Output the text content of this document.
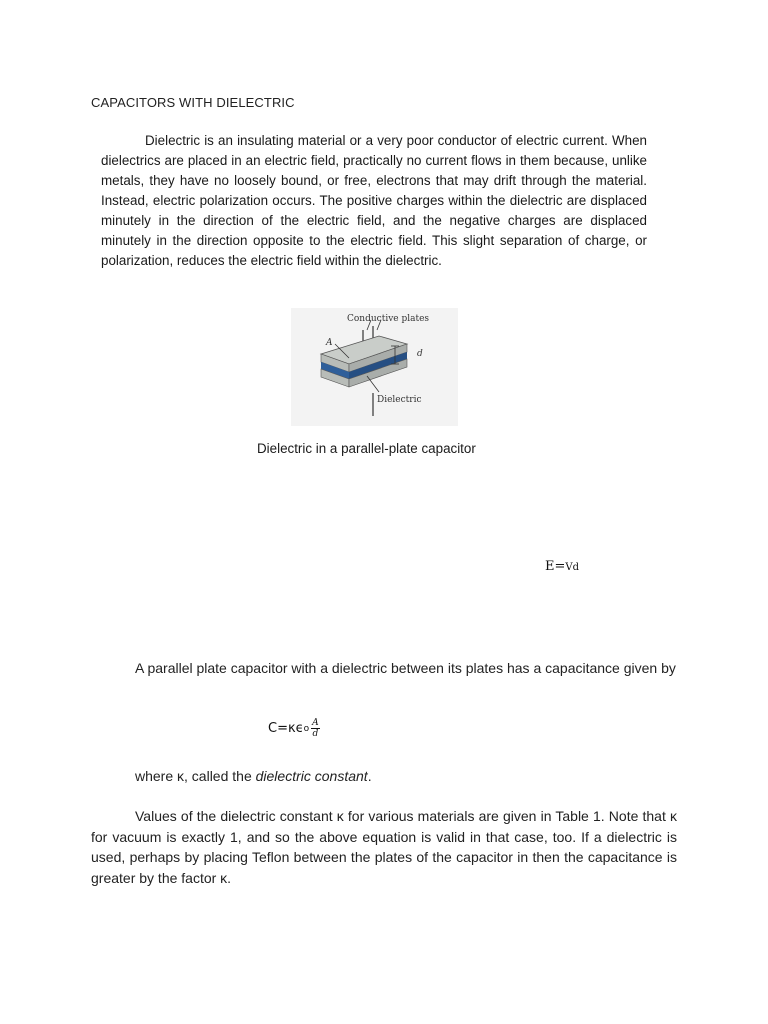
CAPACITORS WITH DIELECTRIC
Dielectric is an insulating material or a very poor conductor of electric current. When dielectrics are placed in an electric field, practically no current flows in them because, unlike metals, they have no loosely bound, or free, electrons that may drift through the material. Instead, electric polarization occurs. The positive charges within the dielectric are displaced minutely in the direction of the electric field, and the negative charges are displaced minutely in the direction opposite to the electric field. This slight separation of charge, or polarization, reduces the electric field within the dielectric.
Conductive plates
A
d
Dielectric
Dielectric in a parallel-plate capacitor
E=Vd
A parallel plate capacitor with a dielectric between its plates has a capacitance given by
C=κϵ o $\frac{A}{d}$
where κ, called the dielectric constant.
Values of the dielectric constant κ for various materials are given in Table 1. Note that κ for vacuum is exactly 1, and so the above equation is valid in that case, too. If a dielectric is used, perhaps by placing Teflon between the plates of the capacitor in then the capacitance is greater by the factor κ.
